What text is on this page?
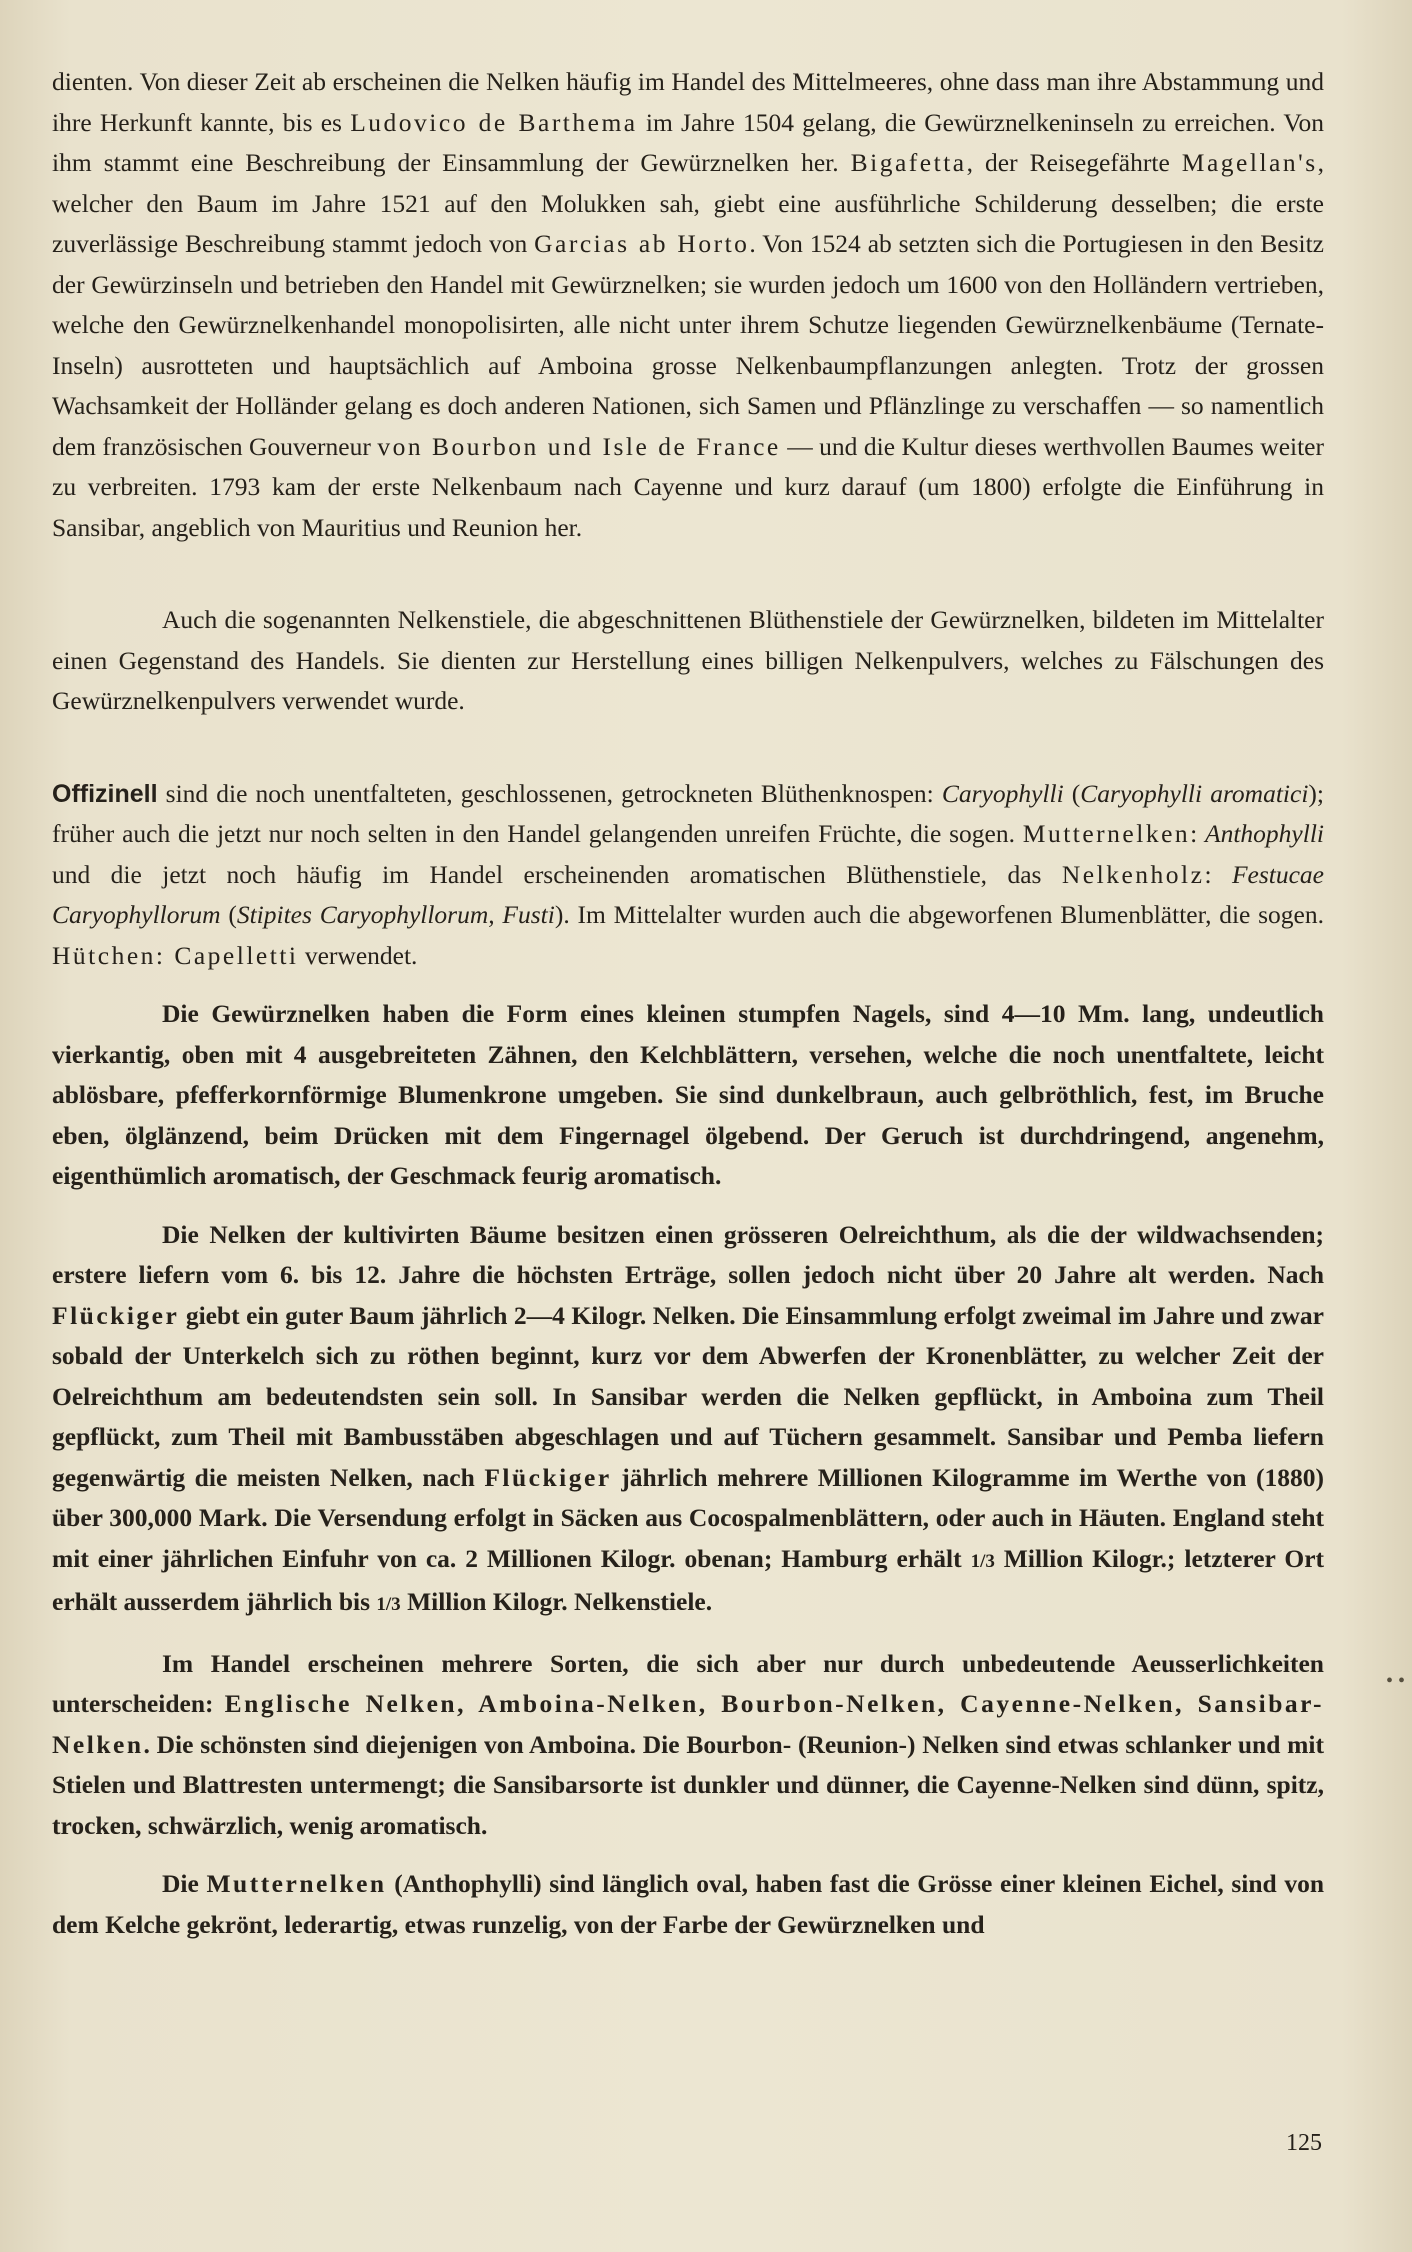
dienten. Von dieser Zeit ab erscheinen die Nelken häufig im Handel des Mittelmeeres, ohne dass man ihre Abstammung und ihre Herkunft kannte, bis es Ludovico de Barthema im Jahre 1504 gelang, die Gewürznelkeninseln zu erreichen. Von ihm stammt eine Beschreibung der Einsammlung der Gewürznelken her. Bigafetta, der Reisegefährte Magellan's, welcher den Baum im Jahre 1521 auf den Molukken sah, giebt eine ausführliche Schilderung desselben; die erste zuverlässige Beschreibung stammt jedoch von Garcias ab Horto. Von 1524 ab setzten sich die Portugiesen in den Besitz der Gewürzinseln und betrieben den Handel mit Gewürznelken; sie wurden jedoch um 1600 von den Holländern vertrieben, welche den Gewürznelkenhandel monopolisirten, alle nicht unter ihrem Schutze liegenden Gewürznelkenbäume (Ternate-Inseln) ausrotteten und hauptsächlich auf Amboina grosse Nelkenbaumpflanzungen anlegten. Trotz der grossen Wachsamkeit der Holländer gelang es doch anderen Nationen, sich Samen und Pflänzlinge zu verschaffen — so namentlich dem französischen Gouverneur von Bourbon und Isle de France — und die Kultur dieses werthvollen Baumes weiter zu verbreiten. 1793 kam der erste Nelkenbaum nach Cayenne und kurz darauf (um 1800) erfolgte die Einführung in Sansibar, angeblich von Mauritius und Reunion her.

Auch die sogenannten Nelkenstiele, die abgeschnittenen Blüthenstiele der Gewürznelken, bildeten im Mittelalter einen Gegenstand des Handels. Sie dienten zur Herstellung eines billigen Nelkenpulvers, welches zu Fälschungen des Gewürznelkenpulvers verwendet wurde.

Offizinell sind die noch unentfalteten, geschlossenen, getrockneten Blüthenknospen: Caryophylli (Caryophylli aromatici); früher auch die jetzt nur noch selten in den Handel gelangenden unreifen Früchte, die sogen. Mutternelken: Anthophylli und die jetzt noch häufig im Handel erscheinenden aromatischen Blüthenstiele, das Nelkenholz: Festucae Caryophyllorum (Stipites Caryophyllorum, Fusti). Im Mittelalter wurden auch die abgeworfenen Blumenblätter, die sogen. Hütchen: Capelletti verwendet.

Die Gewürznelken haben die Form eines kleinen stumpfen Nagels, sind 4—10 Mm. lang, undeutlich vierkantig, oben mit 4 ausgebreiteten Zähnen, den Kelchblättern, versehen, welche die noch unentfaltete, leicht ablösbare, pfefferkornförmige Blumenkrone umgeben. Sie sind dunkelbraun, auch gelbröthlich, fest, im Bruche eben, ölglänzend, beim Drücken mit dem Fingernagel ölgebend. Der Geruch ist durchdringend, angenehm, eigenthümlich aromatisch, der Geschmack feurig aromatisch.

Die Nelken der kultivirten Bäume besitzen einen grösseren Oelreichthum, als die der wildwachsenden; erstere liefern vom 6. bis 12. Jahre die höchsten Erträge, sollen jedoch nicht über 20 Jahre alt werden. Nach Flückiger giebt ein guter Baum jährlich 2—4 Kilogr. Nelken. Die Einsammlung erfolgt zweimal im Jahre und zwar sobald der Unterkelch sich zu röthen beginnt, kurz vor dem Abwerfen der Kronenblätter, zu welcher Zeit der Oelreichthum am bedeutendsten sein soll. In Sansibar werden die Nelken gepflückt, in Amboina zum Theil gepflückt, zum Theil mit Bambusstäben abgeschlagen und auf Tüchern gesammelt. Sansibar und Pemba liefern gegenwärtig die meisten Nelken, nach Flückiger jährlich mehrere Millionen Kilogramme im Werthe von (1880) über 300,000 Mark. Die Versendung erfolgt in Säcken aus Cocospalmenblättern, oder auch in Häuten. England steht mit einer jährlichen Einfuhr von ca. 2 Millionen Kilogr. obenan; Hamburg erhält 1/3 Million Kilogr.; letzterer Ort erhält ausserdem jährlich bis 1/3 Million Kilogr. Nelkenstiele.

Im Handel erscheinen mehrere Sorten, die sich aber nur durch unbedeutende Aeusserlichkeiten unterscheiden: Englische Nelken, Amboina-Nelken, Bourbon-Nelken, Cayenne-Nelken, Sansibar-Nelken. Die schönsten sind diejenigen von Amboina. Die Bourbon- (Reunion-) Nelken sind etwas schlanker und mit Stielen und Blattresten untermengt; die Sansibarsorte ist dunkler und dünner, die Cayenne-Nelken sind dünn, spitz, trocken, schwärzlich, wenig aromatisch.

Die Mutternelken (Anthophylli) sind länglich oval, haben fast die Grösse einer kleinen Eichel, sind von dem Kelche gekrönt, lederartig, etwas runzelig, von der Farbe der Gewürznelken und

• •
125
